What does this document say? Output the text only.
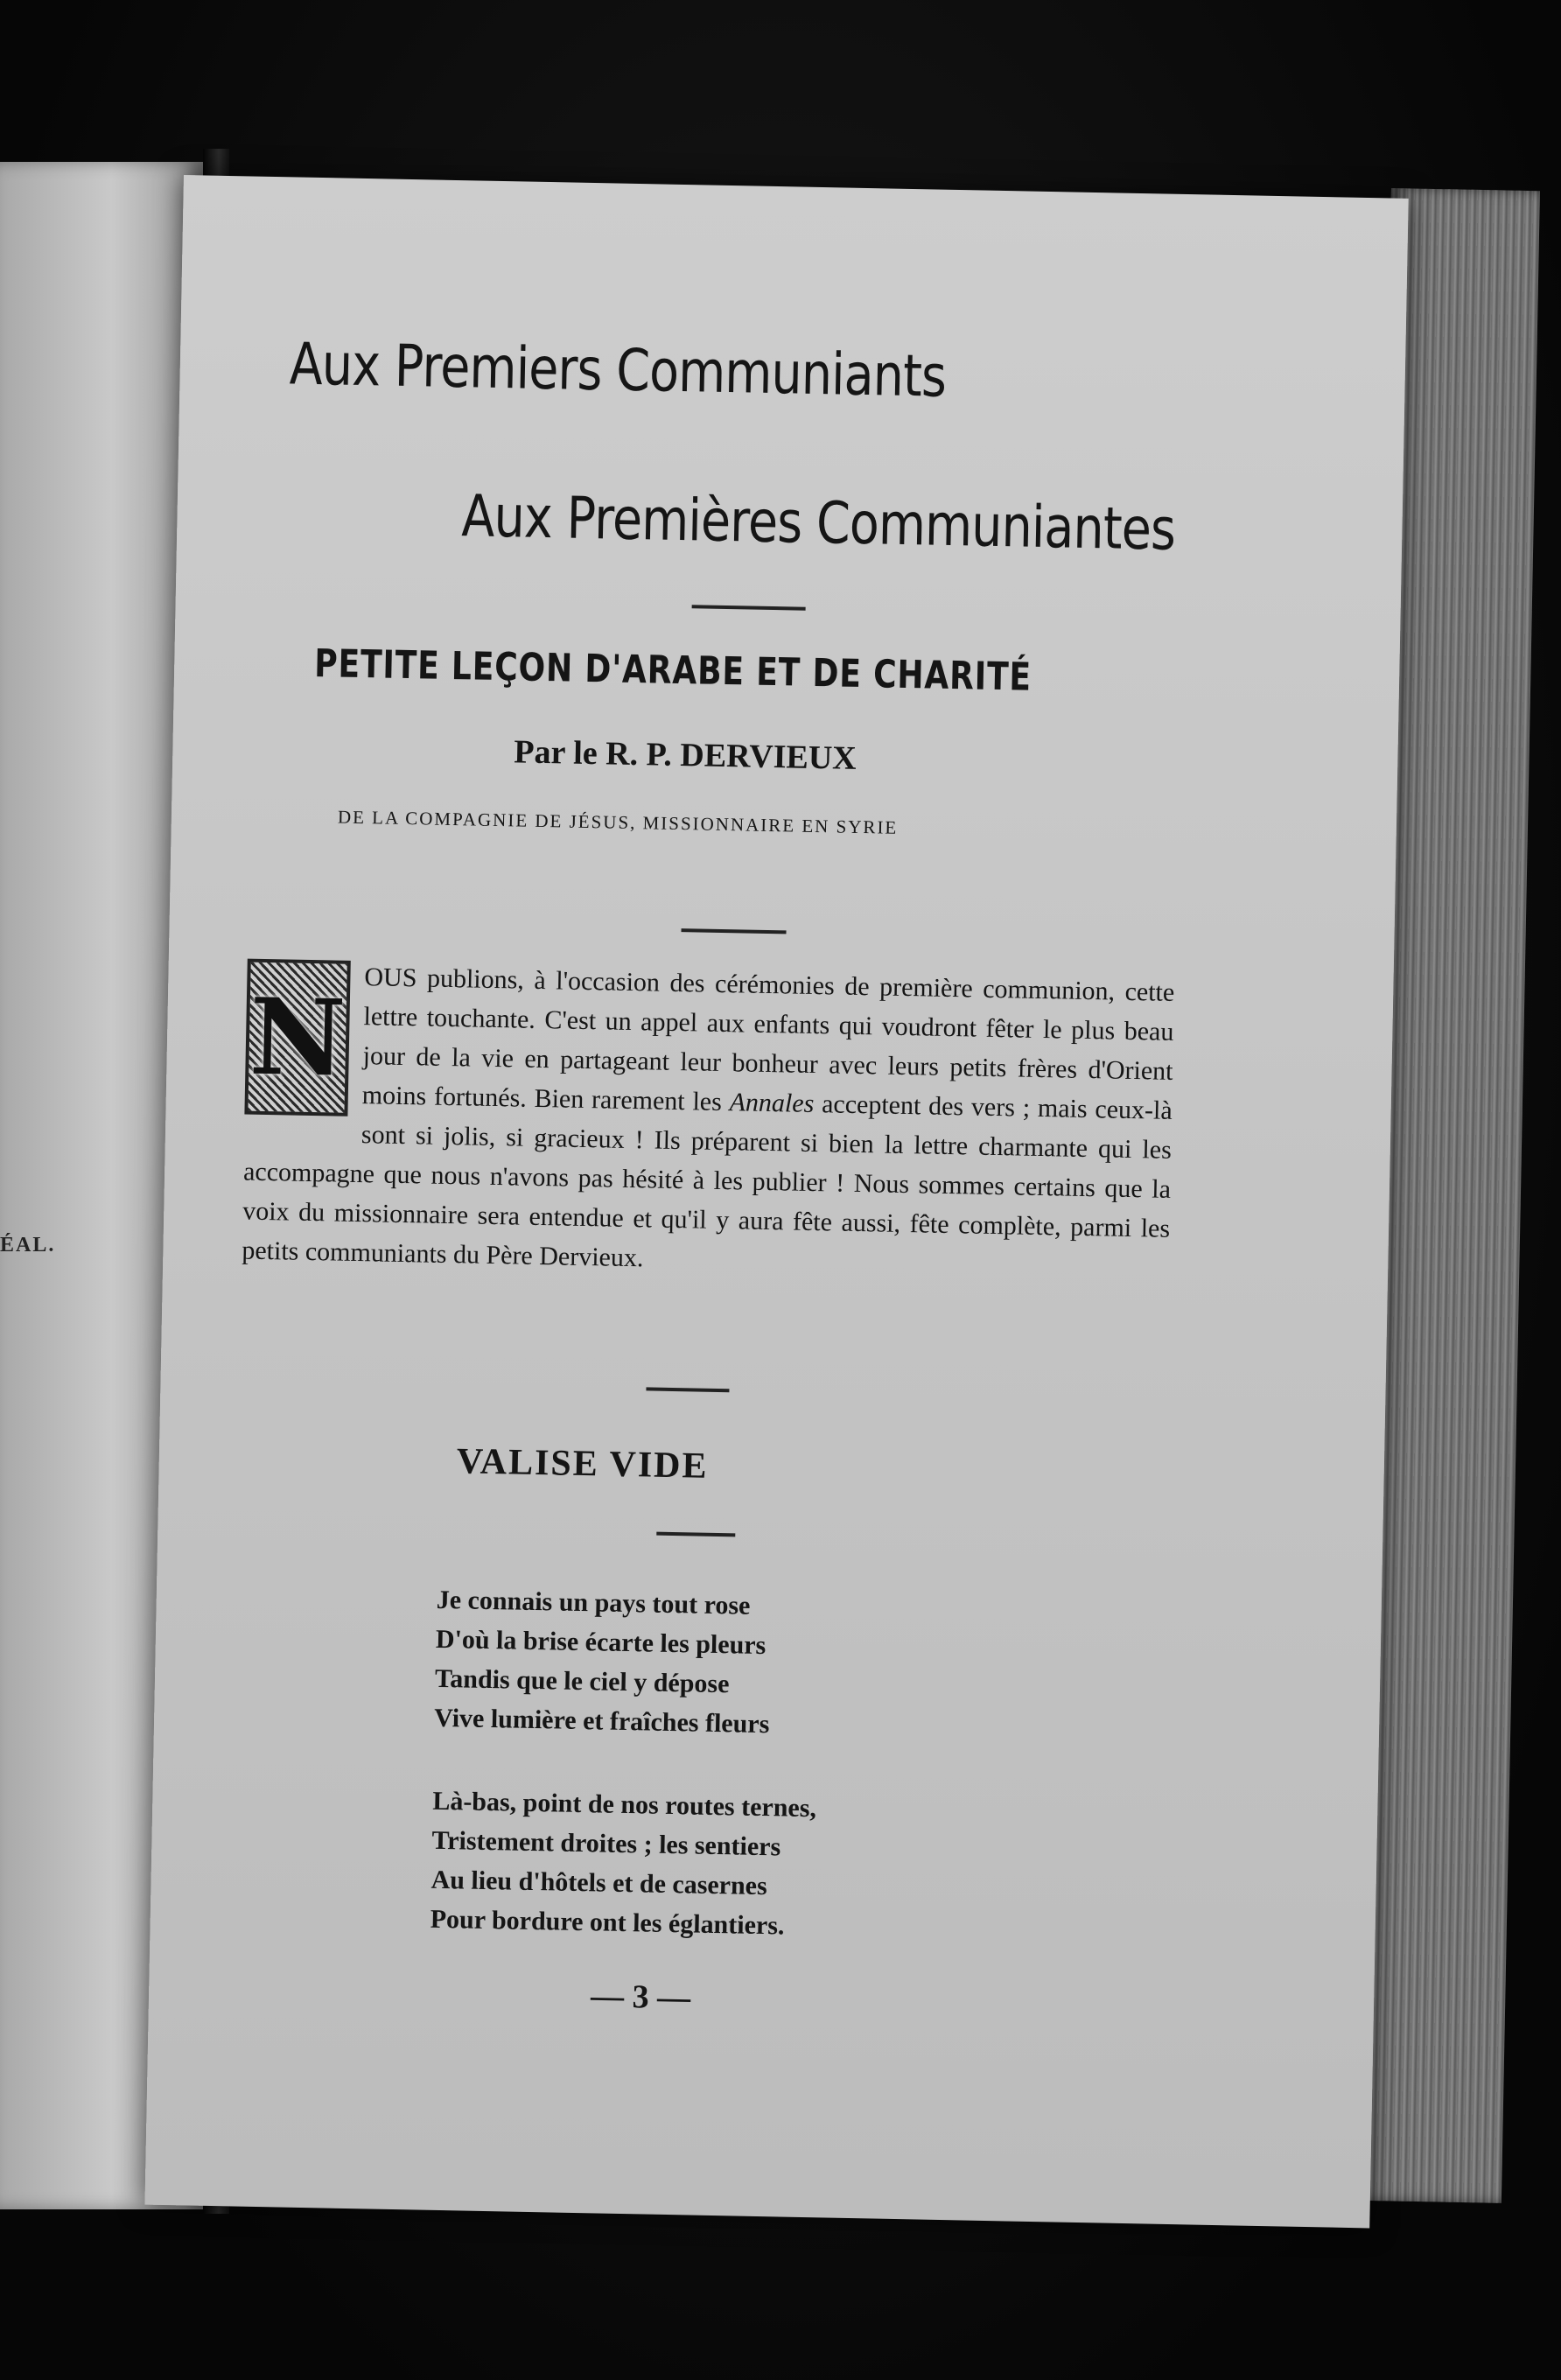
ÉAL.
Aux Premiers Communiants
Aux Premières Communiantes
PETITE LEÇON D'ARABE ET DE CHARITÉ
Par le R. P. DERVIEUX
DE LA COMPAGNIE DE JÉSUS, MISSIONNAIRE EN SYRIE
N OUS publions, à l'occasion des cérémonies de première communion, cette lettre touchante. C'est un appel aux enfants qui voudront fêter le plus beau jour de la vie en partageant leur bonheur avec leurs petits frères d'Orient moins fortunés. Bien rarement les Annales acceptent des vers ; mais ceux-là sont si jolis, si gracieux ! Ils préparent si bien la lettre charmante qui les accompagne que nous n'avons pas hésité à les publier ! Nous sommes certains que la voix du missionnaire sera entendue et qu'il y aura fête aussi, fête complète, parmi les petits communiants du Père Dervieux.
VALISE VIDE
Je connais un pays tout rose
D'où la brise écarte les pleurs
Tandis que le ciel y dépose
Vive lumière et fraîches fleurs
Là-bas, point de nos routes ternes,
Tristement droites ; les sentiers
Au lieu d'hôtels et de casernes
Pour bordure ont les églantiers.
— 3 —
